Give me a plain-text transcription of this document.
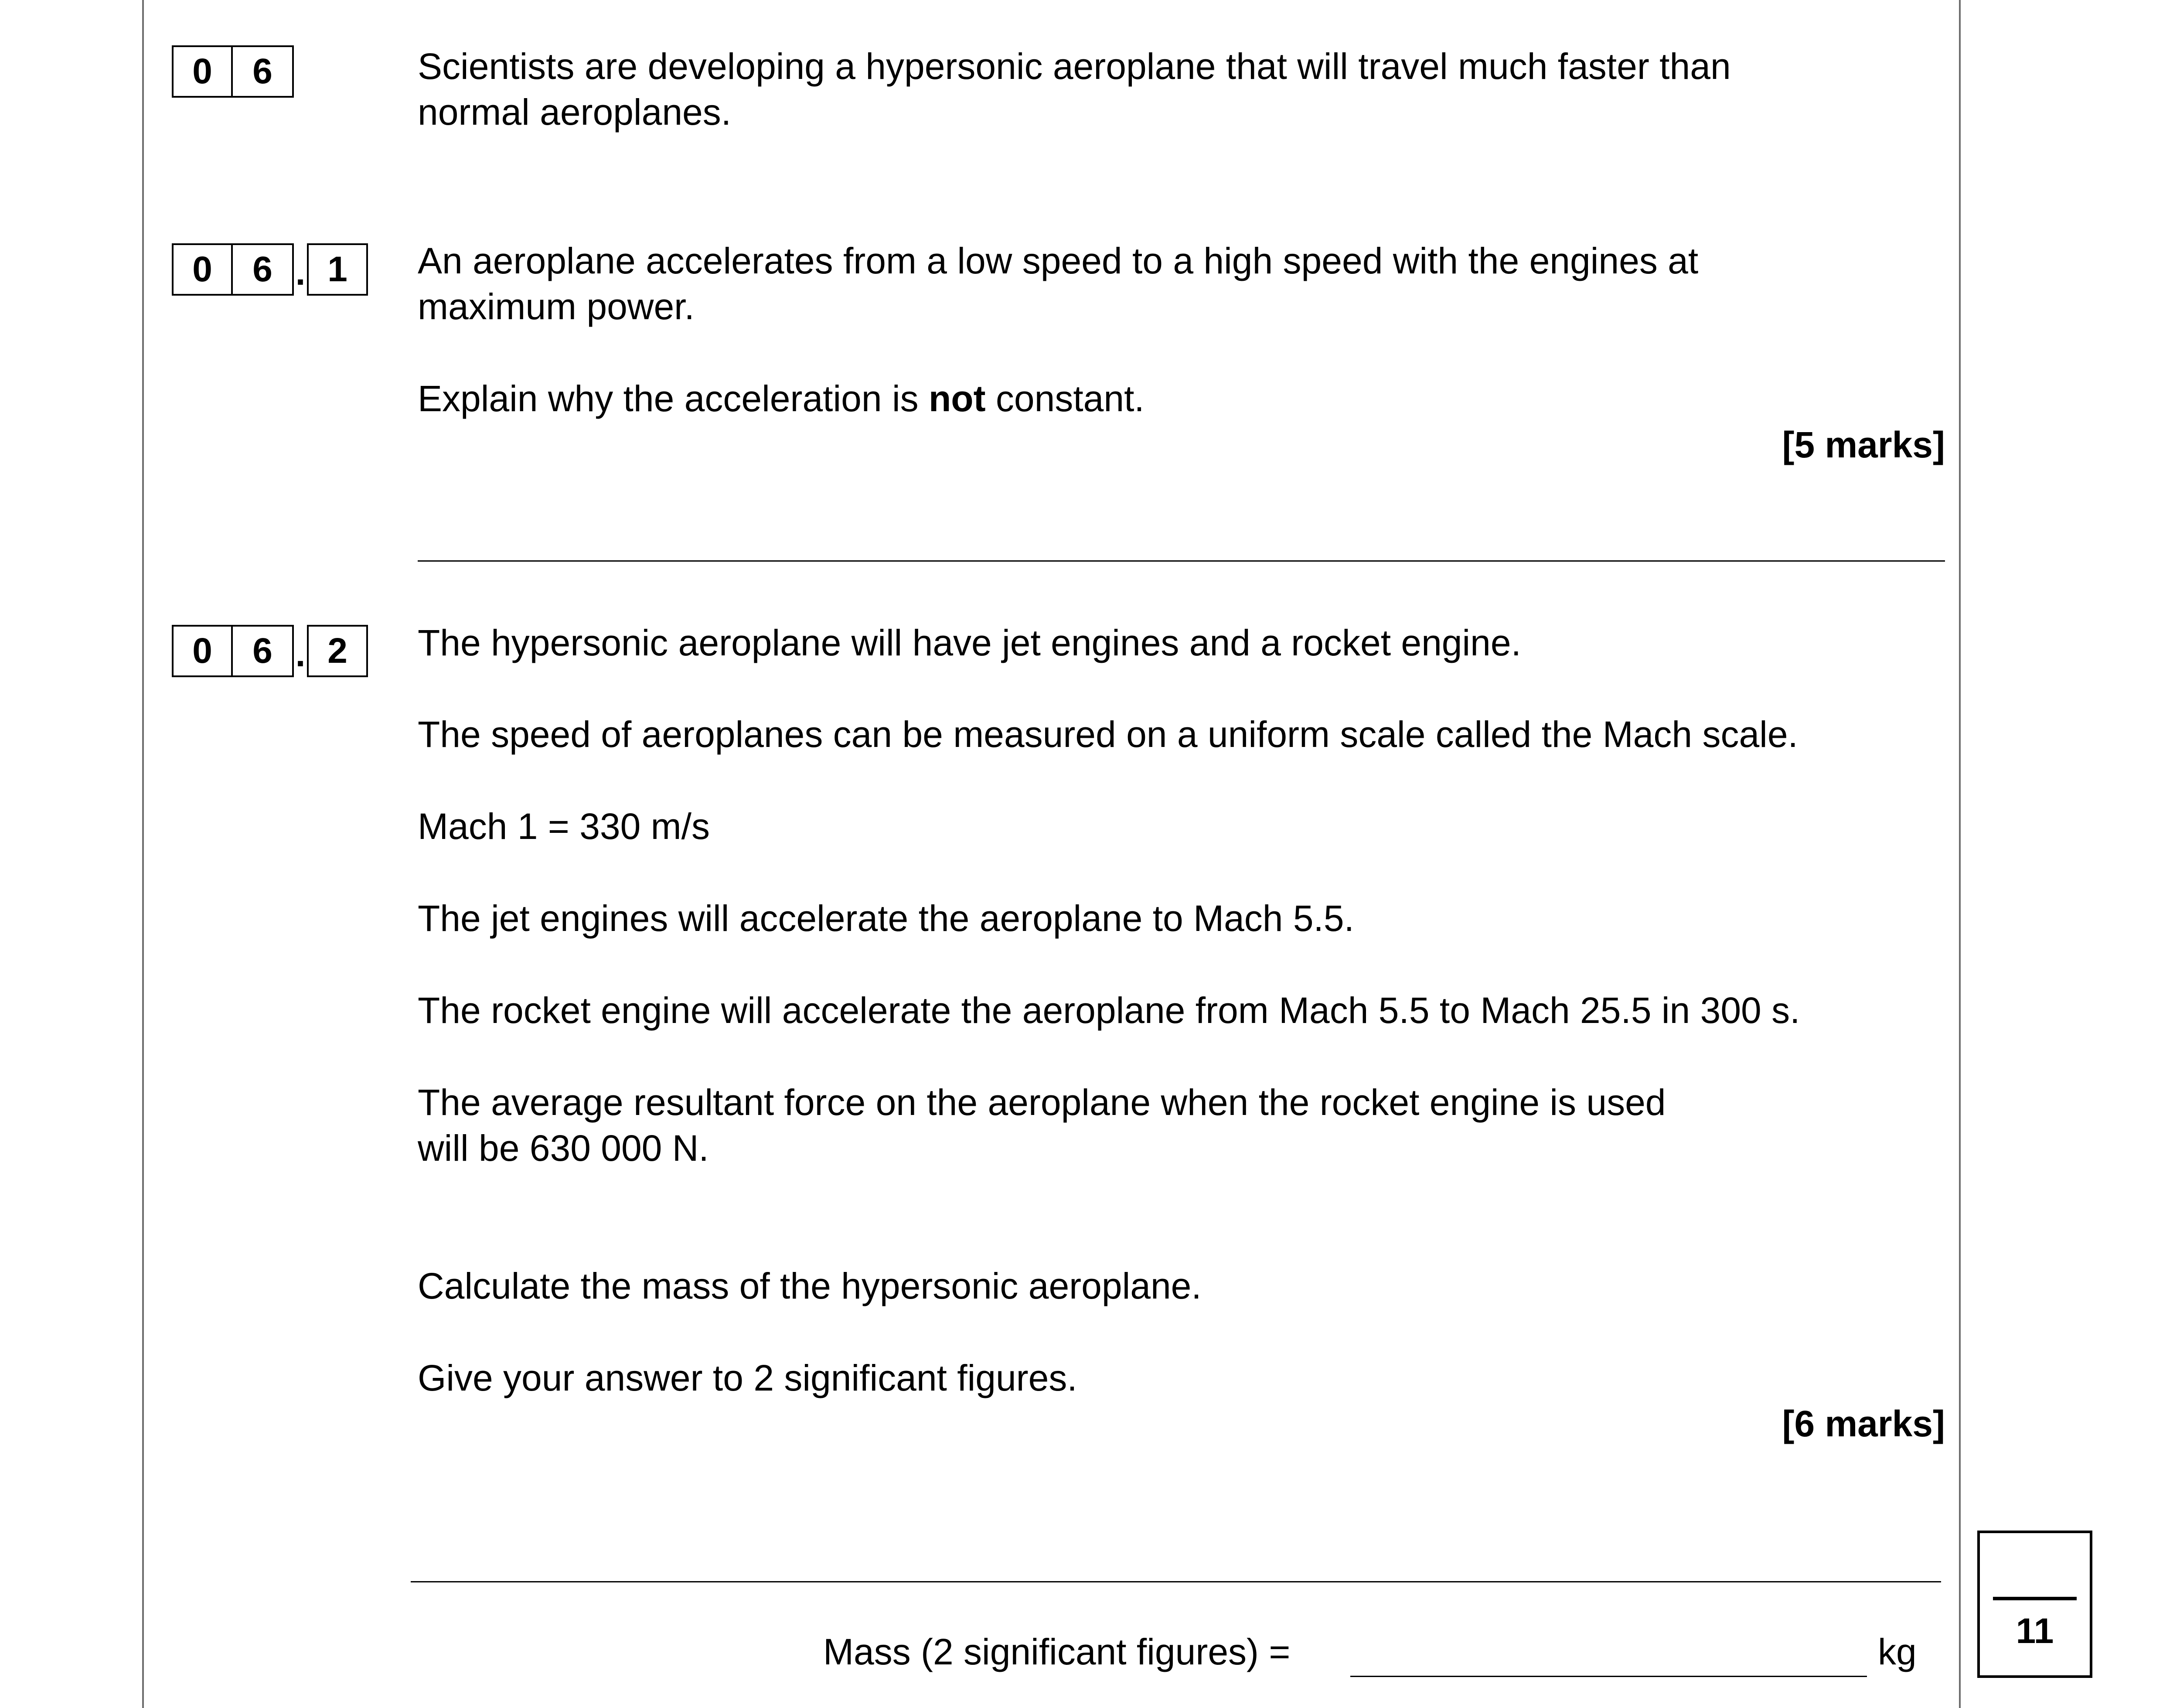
0	6	Scientists are developing a hypersonic aeroplane that will travel much faster than
normal aeroplanes.
0	6 . 1	An aeroplane accelerates from a low speed to a high speed with the engines at
maximum power.
Explain why the acceleration is not constant.
[5 marks]
0	6 . 2	The hypersonic aeroplane will have jet engines and a rocket engine.
The speed of aeroplanes can be measured on a uniform scale called the Mach scale.
Mach 1 = 330 m/s
The jet engines will accelerate the aeroplane to Mach 5.5.
The rocket engine will accelerate the aeroplane from Mach 5.5 to Mach 25.5 in 300 s.
The average resultant force on the aeroplane when the rocket engine is used
will be 630 000 N.
Calculate the mass of the hypersonic aeroplane.
Give your answer to 2 significant figures.
[6 marks]
Mass (2 significant figures) =	kg
11
